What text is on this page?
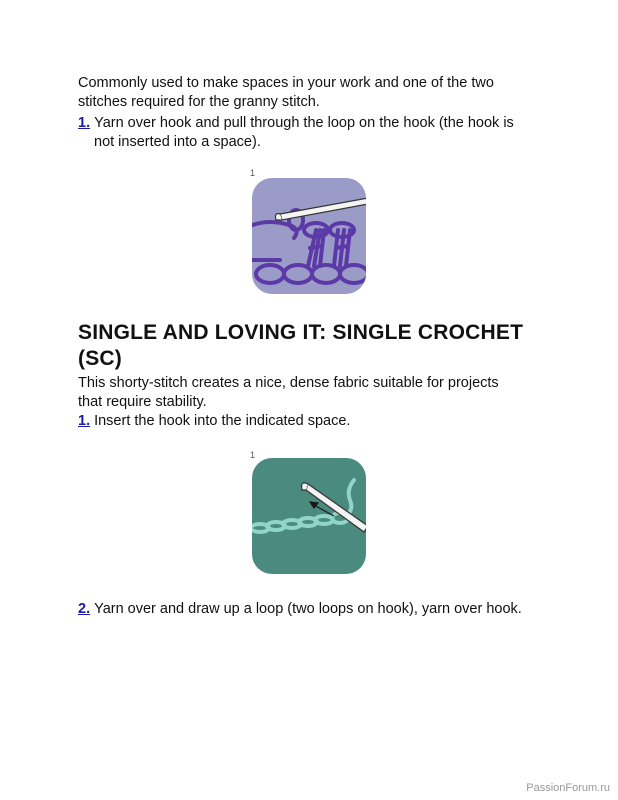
Commonly used to make spaces in your work and one of the two
stitches required for the granny stitch.

1. Yarn over hook and pull through the loop on the hook (the hook is
not inserted into a space).
1
SINGLE AND LOVING IT: SINGLE CROCHET
(SC)

This shorty-stitch creates a nice, dense fabric suitable for projects
that require stability.

1. Insert the hook into the indicated space.
1
2. Yarn over and draw up a loop (two loops on hook), yarn over hook.
PassionForum.ru
